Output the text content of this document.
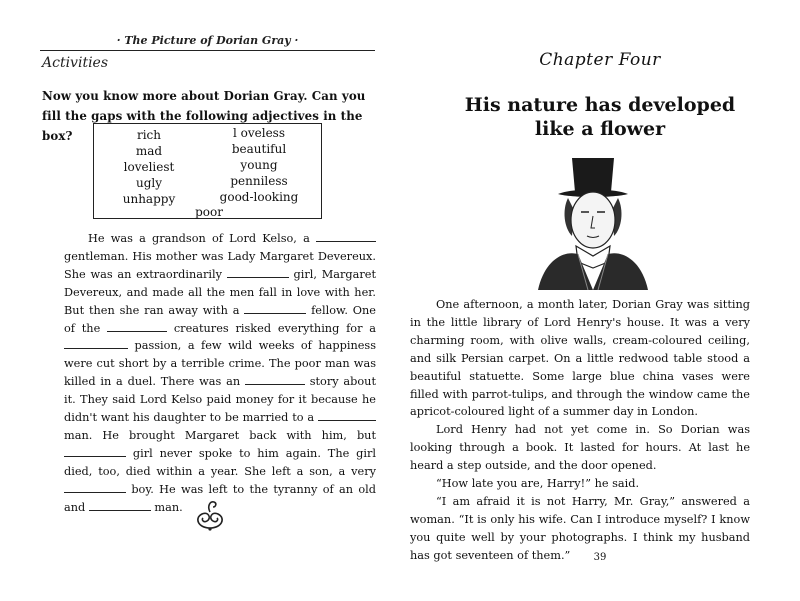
· The Picture of Dorian Gray ·
Activities
Now you know more about Dorian Gray. Can you fill the gaps with the following adjectives in the box?	rich	l oveless
mad	beautiful
loveliest	young
ugly	penniless
unhappy	good-looking
poor

He was a grandson of Lord Kelso, a  gentleman. His mother was Lady Margaret Devereux. She was an extraordinarily	girl, Margaret Devereux, and made all the men fall in love with her. But then she ran away with a	fellow. One of the	creatures risked everything for a  passion, a few wild weeks of happiness were cut short by a terrible crime. The poor man was killed in a duel. There was an	story about it. They said Lord Kelso paid money for it because he didn't want his daughter to be married to a  man. He brought Margaret back with him, but  girl never spoke to him again. The girl died, too, died within a year. She left a son, a very  boy. He was left to the tyranny of an old and	man.

Chapter Four
His nature has developed
like a flower

One afternoon, a month later, Dorian Gray was sitting in the little library of Lord Henry's house. It was a very charming room, with olive walls, cream-coloured ceiling, and silk Persian carpet. On a little redwood table stood a beautiful statuette. Some large blue china vases were filled with parrot-tulips, and through the window came the apricot-coloured light of a summer day in London.

Lord Henry had not yet come in. So Dorian was looking through a book. It lasted for hours. At last he heard a step outside, and the door opened.

“How late you are, Harry!” he said.

“I am afraid it is not Harry, Mr. Gray,” answered a woman. “It is only his wife. Can I introduce myself? I know you quite well by your photographs. I think my husband has got seventeen of them.”	39
